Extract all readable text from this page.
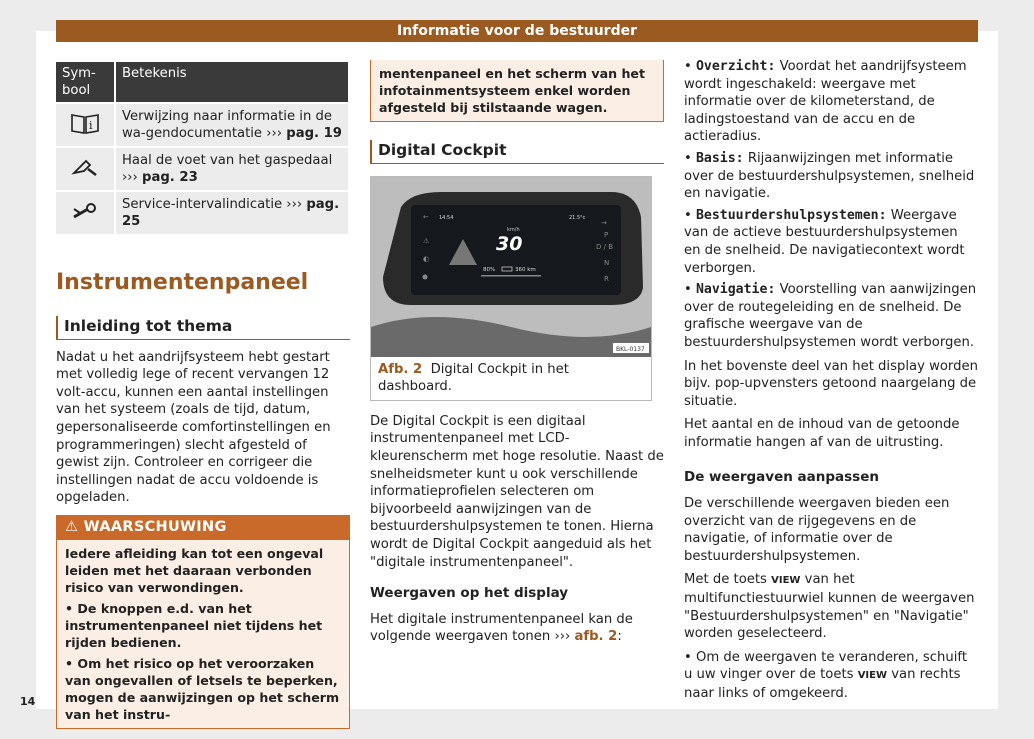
Informatie voor de bestuurder
Sym-
bool	Betekenis

i	Verwijzing naar informatie in de wa-gendocumentatie ››› pag. 19
	Haal de voet van het gaspedaal ››› pag. 23
	Service-intervalindicatie ››› pag. 25
Instrumentenpaneel
Inleiding tot thema

Nadat u het aandrijfsysteem hebt gestart met volledig lege of recent vervangen 12 volt-accu, kunnen een aantal instellingen van het systeem (zoals de tijd, datum, gepersonaliseerde comfortinstellingen en programmeringen) slecht afgesteld of gewist zijn. Controleer en corrigeer die instellingen nadat de accu voldoende is opgeladen.

⚠ WAARSCHUWING

Iedere afleiding kan tot een ongeval leiden met het daaraan verbonden risico van verwondingen.

• De knoppen e.d. van het instrumentenpaneel niet tijdens het rijden bedienen.

• Om het risico op het veroorzaken van ongevallen of letsels te beperken, mogen de aanwijzingen op het scherm van het instru-

mentenpaneel en het scherm van het infotainmentsysteem enkel worden afgesteld bij stilstaande wagen.
Digital Cockpit
14:54	21.5°c
km/h
30
80%	360 km
←
⚠
◐
→
P
D / B
N
R
BKL-0137
Afb. 2 Digital Cockpit in het dashboard.

De Digital Cockpit is een digitaal instrumentenpaneel met LCD-kleurenscherm met hoge resolutie. Naast de snelheidsmeter kunt u ook verschillende informatieprofielen selecteren om bijvoorbeeld aanwijzingen van de bestuurdershulpsystemen te tonen. Hierna wordt de Digital Cockpit aangeduid als het "digitale instrumentenpaneel".

Weergaven op het display

Het digitale instrumentenpaneel kan de volgende weergaven tonen ››› afb. 2:

• Overzicht: Voordat het aandrijfsysteem wordt ingeschakeld: weergave met informatie over de kilometerstand, de ladingstoestand van de accu en de actieradius.

• Basis: Rijaanwijzingen met informatie over de bestuurdershulpsystemen, snelheid en navigatie.

• Bestuurdershulpsystemen: Weergave van de actieve bestuurdershulpsystemen en de snelheid. De navigatiecontext wordt verborgen.

• Navigatie: Voorstelling van aanwijzingen over de routegeleiding en de snelheid. De grafische weergave van de bestuurdershulpsystemen wordt verborgen.

In het bovenste deel van het display worden bijv. pop-upvensters getoond naargelang de situatie.

Het aantal en de inhoud van de getoonde informatie hangen af van de uitrusting.

De weergaven aanpassen

De verschillende weergaven bieden een overzicht van de rijgegevens en de navigatie, of informatie over de bestuurdershulpsystemen.

Met de toets VIEW van het multifunctiestuurwiel kunnen de weergaven "Bestuurdershulpsystemen" en "Navigatie" worden geselecteerd.

• Om de weergaven te veranderen, schuift u uw vinger over de toets VIEW van rechts naar links of omgekeerd.

14
